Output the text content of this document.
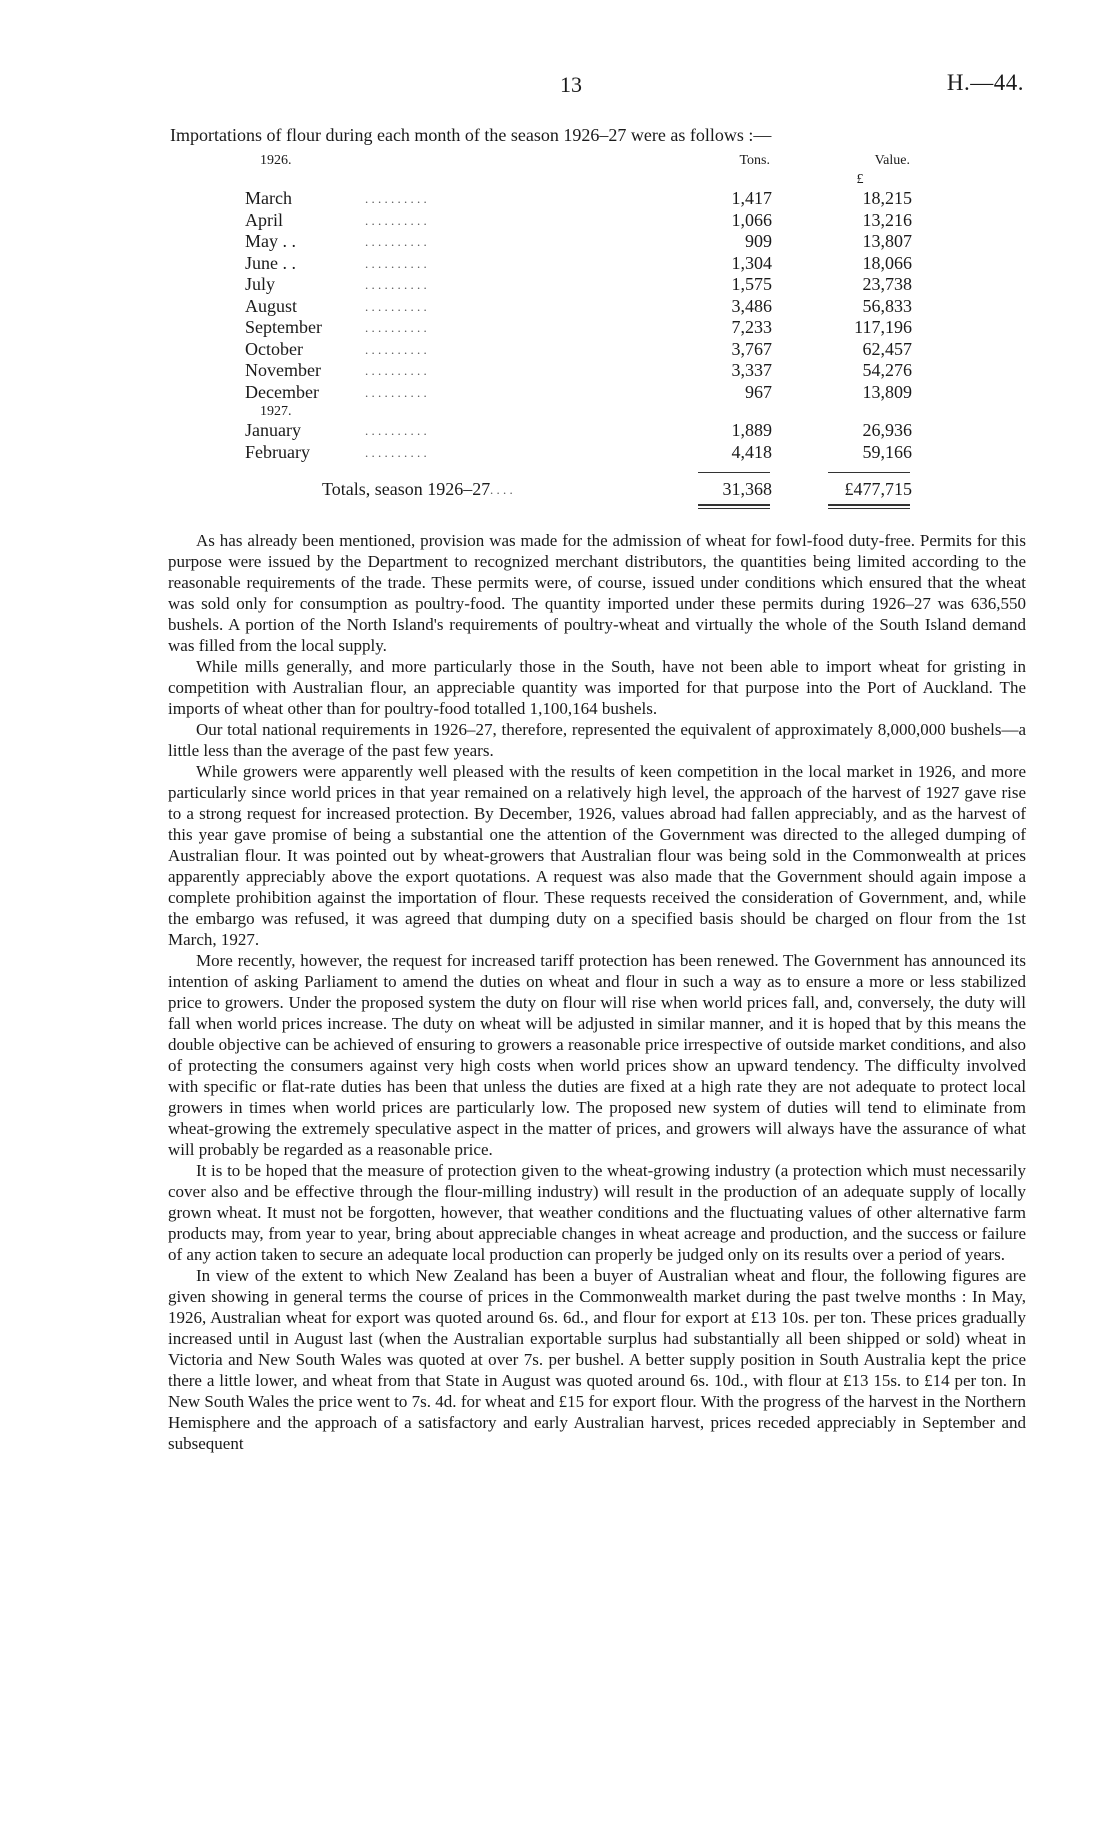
13	H.—44.
Importations of flour during each month of the season 1926–27 were as follows :—
1926.	Tons.	Value.
£
March	. . . . . . . . . .	1,417	18,215
April	. . . . . . . . . .	1,066	13,216
May . .	. . . . . . . . . .	909	13,807
June . .	. . . . . . . . . .	1,304	18,066
July	. . . . . . . . . .	1,575	23,738
August	. . . . . . . . . .	3,486	56,833
September	. . . . . . . . . .	7,233	117,196
October	. . . . . . . . . .	3,767	62,457
November	. . . . . . . . . .	3,337	54,276
December	. . . . . . . . . .	967	13,809
1927.
January	. . . . . . . . . .	1,889	26,936
February	. . . . . . . . . .	4,418	59,166
Totals, season 1926–27 . . . .	31,368	£477,715

As has already been mentioned, provision was made for the admission of wheat for fowl-food duty-free. Permits for this purpose were issued by the Department to recognized merchant distributors, the quantities being limited according to the reasonable requirements of the trade. These permits were, of course, issued under conditions which ensured that the wheat was sold only for consumption as poultry-food. The quantity imported under these permits during 1926–27 was 636,550 bushels. A portion of the North Island's requirements of poultry-wheat and virtually the whole of the South Island demand was filled from the local supply.

While mills generally, and more particularly those in the South, have not been able to import wheat for gristing in competition with Australian flour, an appreciable quantity was imported for that purpose into the Port of Auckland. The imports of wheat other than for poultry-food totalled 1,100,164 bushels.

Our total national requirements in 1926–27, therefore, represented the equivalent of approximately 8,000,000 bushels—a little less than the average of the past few years.

While growers were apparently well pleased with the results of keen competition in the local market in 1926, and more particularly since world prices in that year remained on a relatively high level, the approach of the harvest of 1927 gave rise to a strong request for increased protection. By December, 1926, values abroad had fallen appreciably, and as the harvest of this year gave promise of being a substantial one the attention of the Government was directed to the alleged dumping of Australian flour. It was pointed out by wheat-growers that Australian flour was being sold in the Commonwealth at prices apparently appreciably above the export quotations. A request was also made that the Government should again impose a complete prohibition against the importation of flour. These requests received the consideration of Government, and, while the embargo was refused, it was agreed that dumping duty on a specified basis should be charged on flour from the 1st March, 1927.

More recently, however, the request for increased tariff protection has been renewed. The Government has announced its intention of asking Parliament to amend the duties on wheat and flour in such a way as to ensure a more or less stabilized price to growers. Under the proposed system the duty on flour will rise when world prices fall, and, conversely, the duty will fall when world prices increase. The duty on wheat will be adjusted in similar manner, and it is hoped that by this means the double objective can be achieved of ensuring to growers a reasonable price irrespective of outside market conditions, and also of protecting the consumers against very high costs when world prices show an upward tendency. The difficulty involved with specific or flat-rate duties has been that unless the duties are fixed at a high rate they are not adequate to protect local growers in times when world prices are particularly low. The proposed new system of duties will tend to eliminate from wheat-growing the extremely speculative aspect in the matter of prices, and growers will always have the assurance of what will probably be regarded as a reasonable price.

It is to be hoped that the measure of protection given to the wheat-growing industry (a protection which must necessarily cover also and be effective through the flour-milling industry) will result in the production of an adequate supply of locally grown wheat. It must not be forgotten, however, that weather conditions and the fluctuating values of other alternative farm products may, from year to year, bring about appreciable changes in wheat acreage and production, and the success or failure of any action taken to secure an adequate local production can properly be judged only on its results over a period of years.

In view of the extent to which New Zealand has been a buyer of Australian wheat and flour, the following figures are given showing in general terms the course of prices in the Commonwealth market during the past twelve months : In May, 1926, Australian wheat for export was quoted around 6s. 6d., and flour for export at £13 10s. per ton. These prices gradually increased until in August last (when the Australian exportable surplus had substantially all been shipped or sold) wheat in Victoria and New South Wales was quoted at over 7s. per bushel. A better supply position in South Australia kept the price there a little lower, and wheat from that State in August was quoted around 6s. 10d., with flour at £13 15s. to £14 per ton. In New South Wales the price went to 7s. 4d. for wheat and £15 for export flour. With the progress of the harvest in the Northern Hemisphere and the approach of a satisfactory and early Australian harvest, prices receded appreciably in September and subsequent
